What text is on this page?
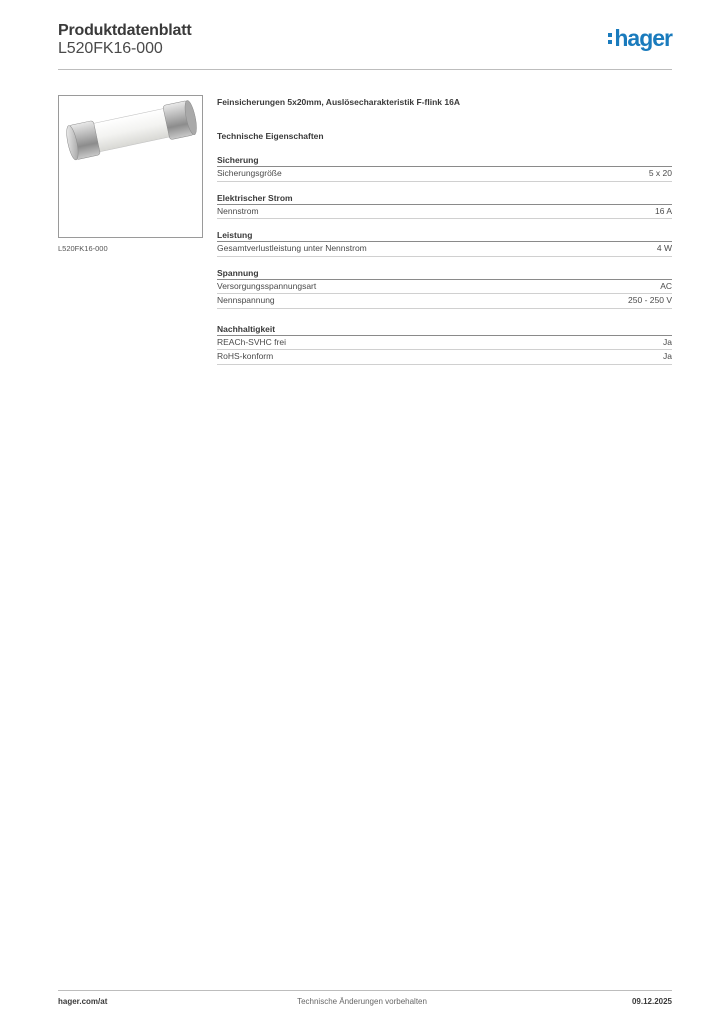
Produktdatenblatt
L520FK16-000	hager
L520FK16-000
Feinsicherungen 5x20mm, Auslösecharakteristik F-flink 16A
Technische Eigenschaften
Sicherung
Sicherungsgröße	5 x 20
Elektrischer Strom
Nennstrom	16 A
Leistung
Gesamtverlustleistung unter Nennstrom	4 W
Spannung
Versorgungsspannungsart	AC
Nennspannung	250 - 250 V
Nachhaltigkeit
REACh-SVHC frei	Ja
RoHS-konform	Ja
hager.com/at	Technische Änderungen vorbehalten	09.12.2025
